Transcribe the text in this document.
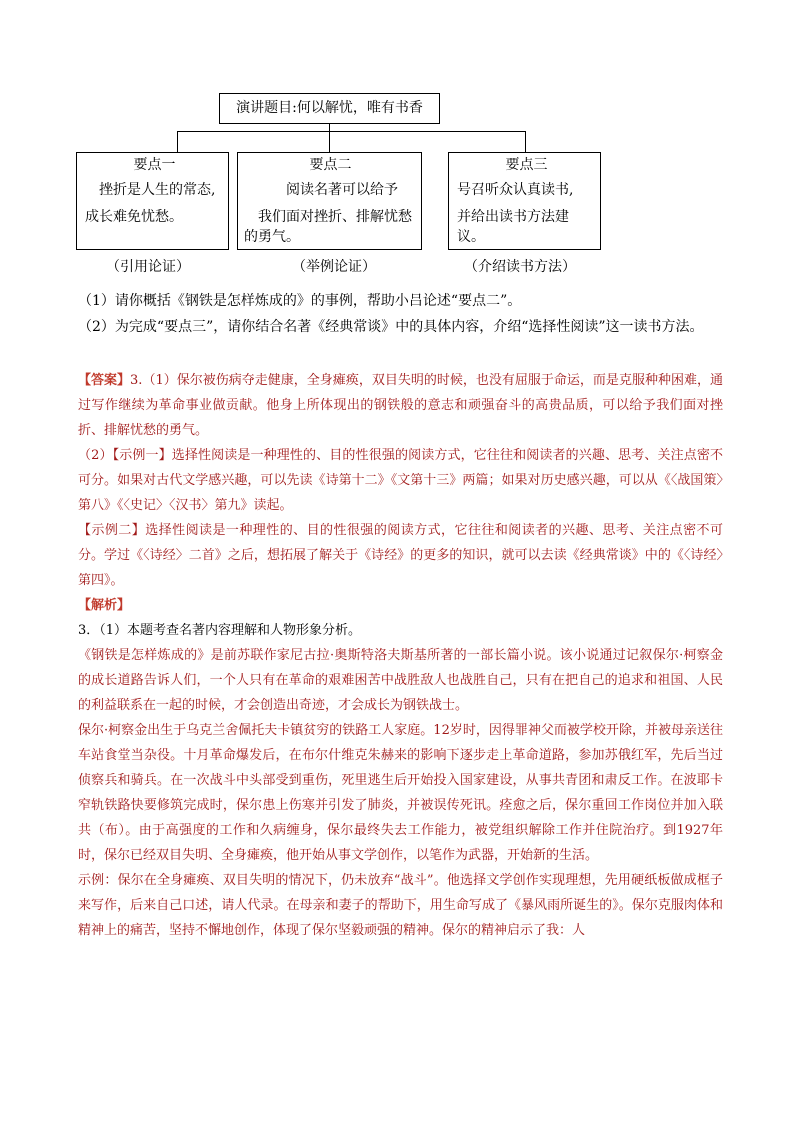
演讲题目:何以解忧，唯有书香
要点一
挫折是人生的常态,
成长难免忧愁。
要点二
阅读名著可以给予
我们面对挫折、排解忧愁
的勇气。
要点三
号召听众认真读书,
并给出读书方法建议。
（引用论证）	（举例论证）	（介绍读书方法）
（1）请你概括《钢铁是怎样炼成的》的事例，帮助小吕论述“要点二”。
（2）为完成“要点三”，请你结合名著《经典常谈》中的具体内容，介绍“选择性阅读”这一读书方法。

【答案】3.（1）保尔被伤病夺走健康，全身瘫痪，双目失明的时候，也没有屈服于命运，而是克服种种困难，通过写作继续为革命事业做贡献。他身上所体现出的钢铁般的意志和顽强奋斗的高贵品质，可以给予我们面对挫折、排解忧愁的勇气。

（2）【示例一】选择性阅读是一种理性的、目的性很强的阅读方式，它往往和阅读者的兴趣、思考、关注点密不可分。如果对古代文学感兴趣，可以先读《诗第十二》《文第十三》两篇；如果对历史感兴趣，可以从《〈战国策〉第八》《〈史记〉〈汉书〉第九》读起。

【示例二】选择性阅读是一种理性的、目的性很强的阅读方式，它往往和阅读者的兴趣、思考、关注点密不可分。学过《〈诗经〉二首》之后，想拓展了解关于《诗经》的更多的知识，就可以去读《经典常谈》中的《〈诗经〉第四》。

【解析】

3．（1）本题考查名著内容理解和人物形象分析。

《钢铁是怎样炼成的》是前苏联作家尼古拉·奥斯特洛夫斯基所著的一部长篇小说。该小说通过记叙保尔·柯察金的成长道路告诉人们，一个人只有在革命的艰难困苦中战胜敌人也战胜自己，只有在把自己的追求和祖国、人民的利益联系在一起的时候，才会创造出奇迹，才会成长为钢铁战士。

保尔·柯察金出生于乌克兰舍佩托夫卡镇贫穷的铁路工人家庭。12岁时，因得罪神父而被学校开除，并被母亲送往车站食堂当杂役。十月革命爆发后，在布尔什维克朱赫来的影响下逐步走上革命道路，参加苏俄红军，先后当过侦察兵和骑兵。在一次战斗中头部受到重伤，死里逃生后开始投入国家建设，从事共青团和肃反工作。在波耶卡窄轨铁路快要修筑完成时，保尔患上伤寒并引发了肺炎，并被误传死讯。痊愈之后，保尔重回工作岗位并加入联共（布）。由于高强度的工作和久病缠身，保尔最终失去工作能力，被党组织解除工作并住院治疗。到1927年时，保尔已经双目失明、全身瘫痪，他开始从事文学创作，以笔作为武器，开始新的生活。

示例：保尔在全身瘫痪、双目失明的情况下，仍未放弃“战斗”。他选择文学创作实现理想，先用硬纸板做成框子来写作，后来自己口述，请人代录。在母亲和妻子的帮助下，用生命写成了《暴风雨所诞生的》。保尔克服肉体和精神上的痛苦，坚持不懈地创作，体现了保尔坚毅顽强的精神。保尔的精神启示了我：人
